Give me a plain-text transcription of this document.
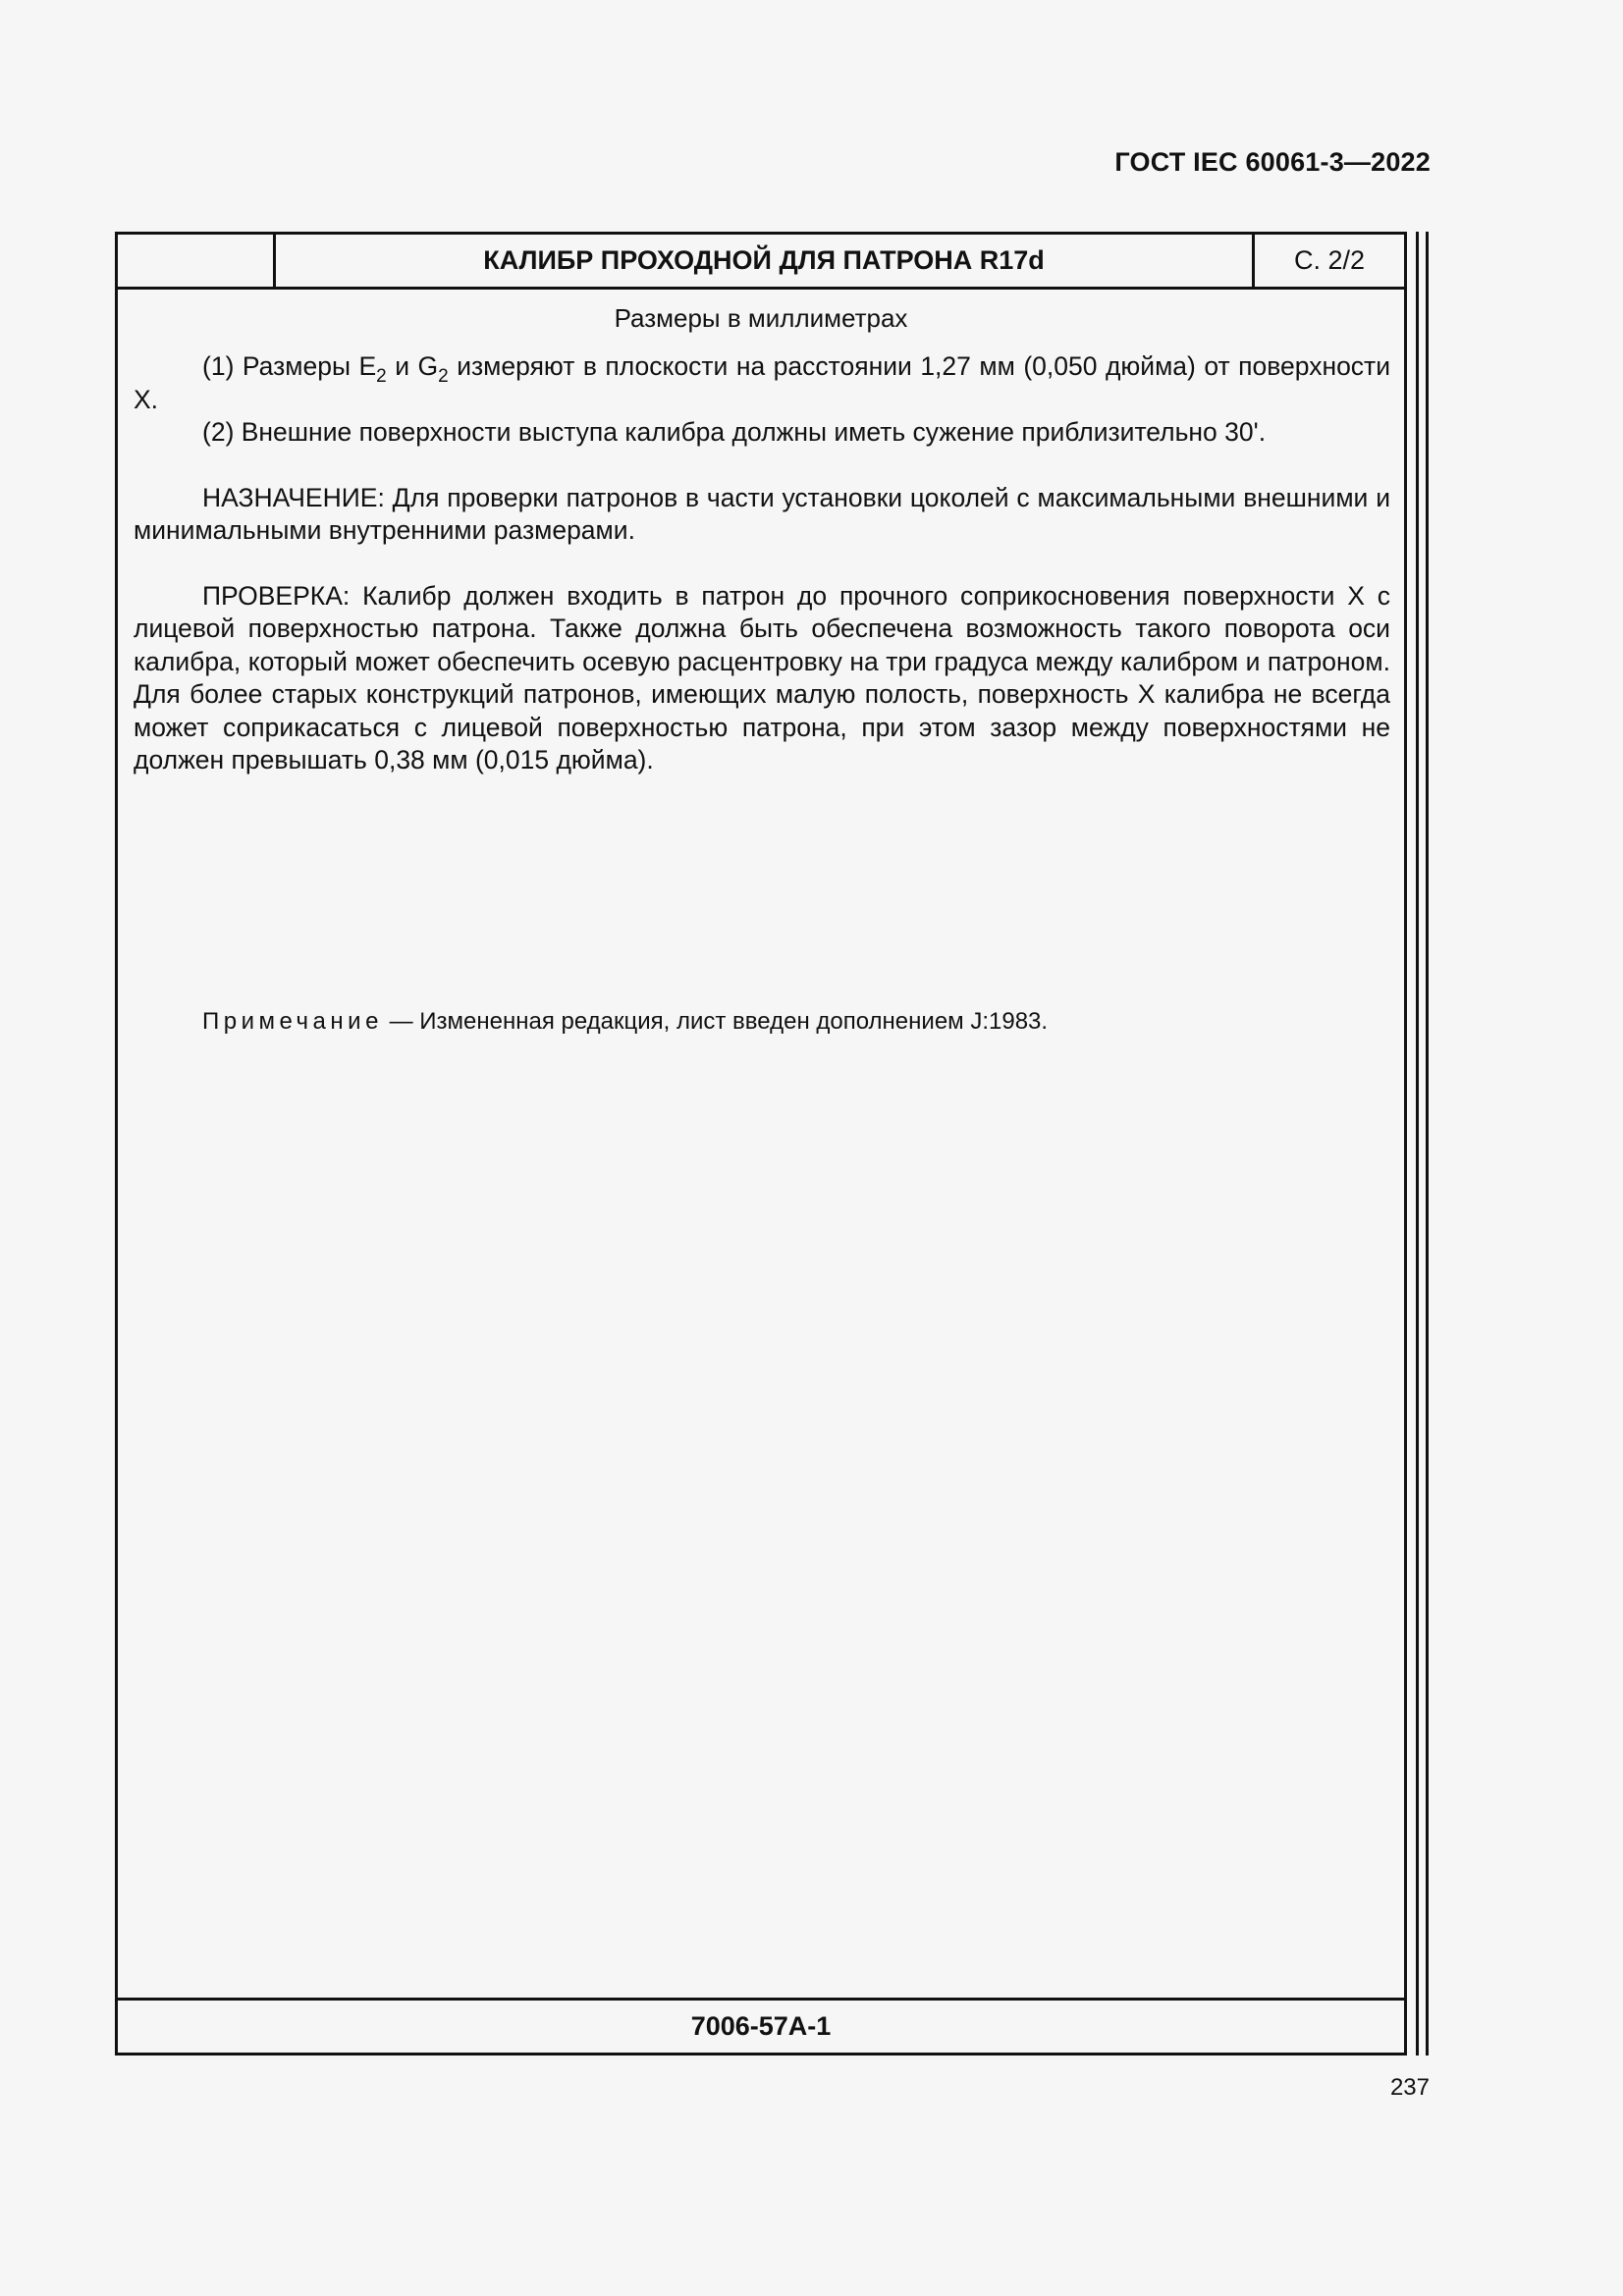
ГОСТ IEC 60061-3—2022
КАЛИБР ПРОХОДНОЙ ДЛЯ ПАТРОНА R17d	С. 2/2
Размеры в миллиметрах

(1) Размеры $E_2$ и $G_2$ измеряют в плоскости на расстоянии 1,27 мм (0,050 дюйма) от поверхности X.

(2) Внешние поверхности выступа калибра должны иметь сужение приблизительно 30'.

НАЗНАЧЕНИЕ: Для проверки патронов в части установки цоколей с максимальными внешними и минимальными внутренними размерами.

ПРОВЕРКА: Калибр должен входить в патрон до прочного соприкосновения поверхности X с лицевой поверхностью патрона. Также должна быть обеспечена возможность такого поворота оси калибра, который может обеспечить осевую расцентровку на три градуса между калибром и патроном. Для более старых конструкций патронов, имеющих малую полость, поверхность X калибра не всегда может соприкасаться с лицевой поверхностью патрона, при этом зазор между поверхностями не должен превышать 0,38 мм (0,015 дюйма).

Примечание — Измененная редакция, лист введен дополнением J:1983.
7006-57A-1
237
